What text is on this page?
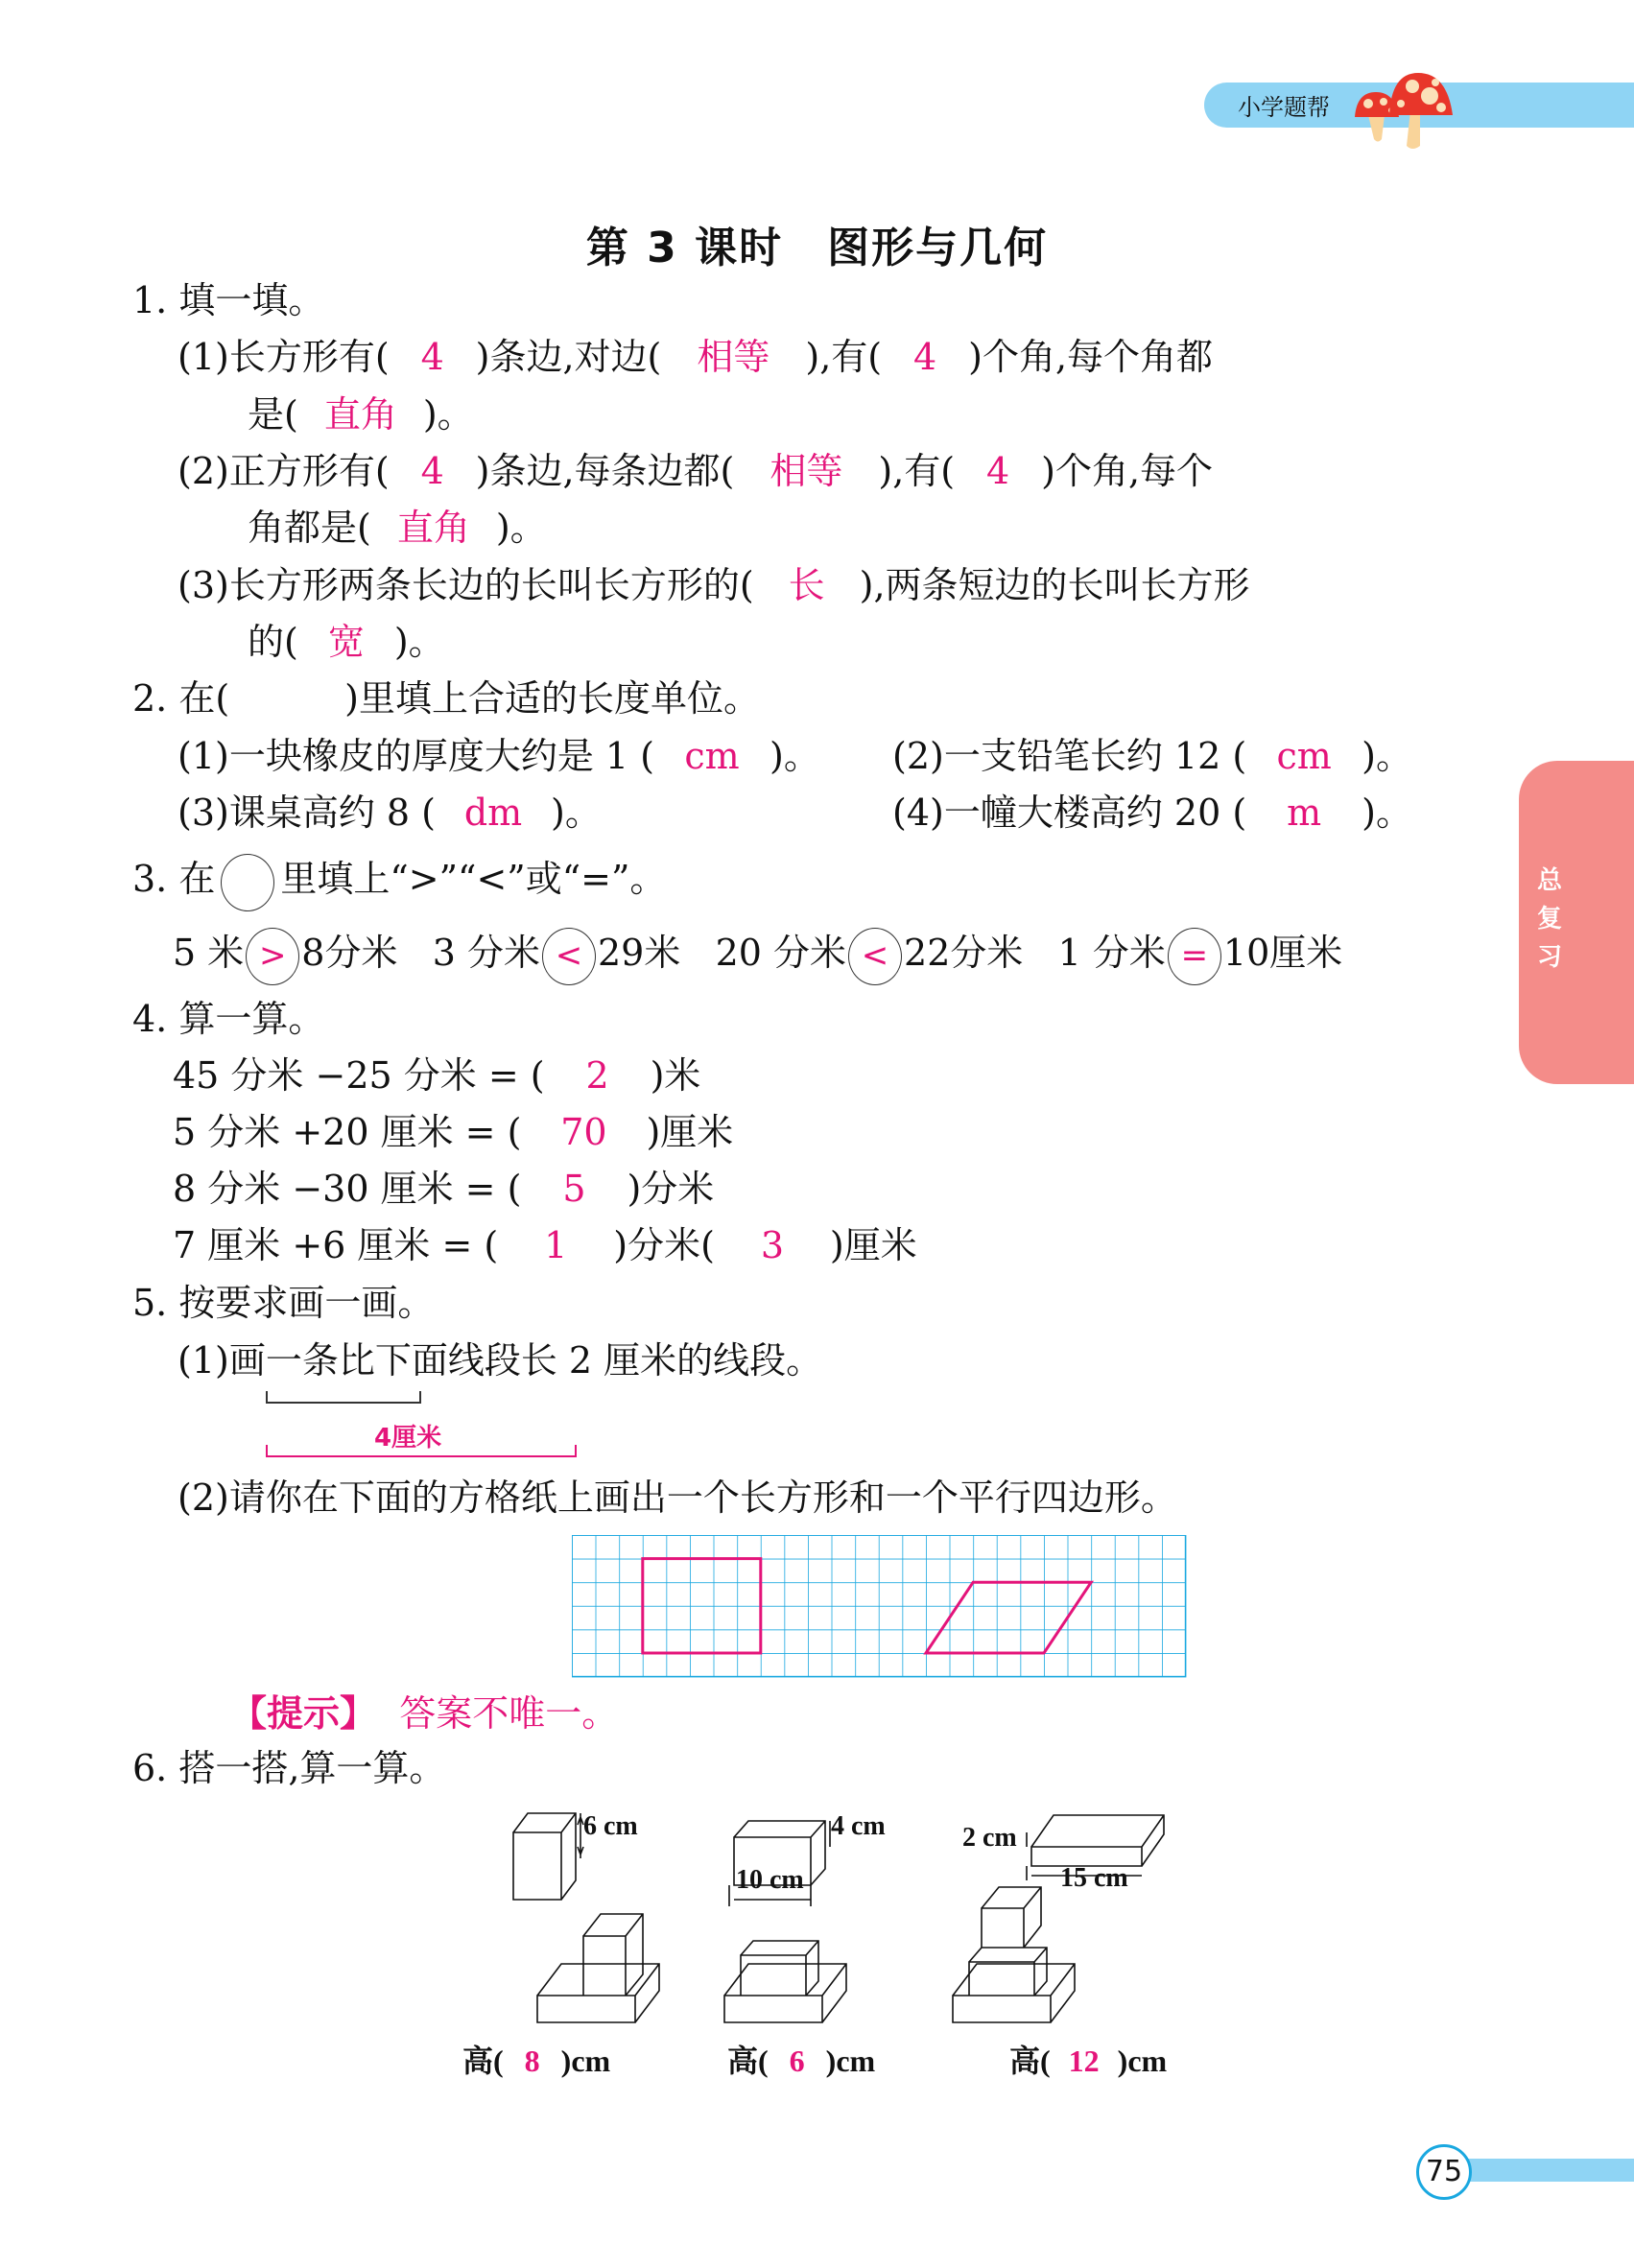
小学题帮
总
复
习
第 3 课时　图形与几何
1. 填一填。
(1)长方形有( 4 )条边,对边( 相等 ),有( 4 )个角,每个角都
是( 直角 )。
(2)正方形有( 4 )条边,每条边都( 相等 ),有( 4 )个角,每个
角都是( 直角 )。
(3)长方形两条长边的长叫长方形的( 长 ),两条短边的长叫长方形
的( 宽 )。
2. 在(	)里填上合适的长度单位。
(1)一块橡皮的厚度大约是 1 ( cm )。 (2)一支铅笔长约 12 ( cm )。
(3)课桌高约 8 ( dm )。	(4)一幢大楼高约 20 ( m )。
3. 在 里填上“>”“<”或“=”。
5 米 > 8分米 3 分米 < 29米 20 分米 < 22分米 1 分米 = 10厘米
4. 算一算。
45 分米 −25 分米 = ( 2 )米
5 分米 +20 厘米 = ( 70 )厘米
8 分米 −30 厘米 = ( 5 )分米
7 厘米 +6 厘米 = ( 1 )分米( 3 )厘米
5. 按要求画一画。
(1)画一条比下面线段长 2 厘米的线段。
4厘米
(2)请你在下面的方格纸上画出一个长方形和一个平行四边形。
【提示】 答案不唯一。
6. 搭一搭,算一算。
6 cm	4 cm
10 cm
2 cm
15 cm
高( 8 )cm	高( 6 )cm	高( 12 )cm
75
